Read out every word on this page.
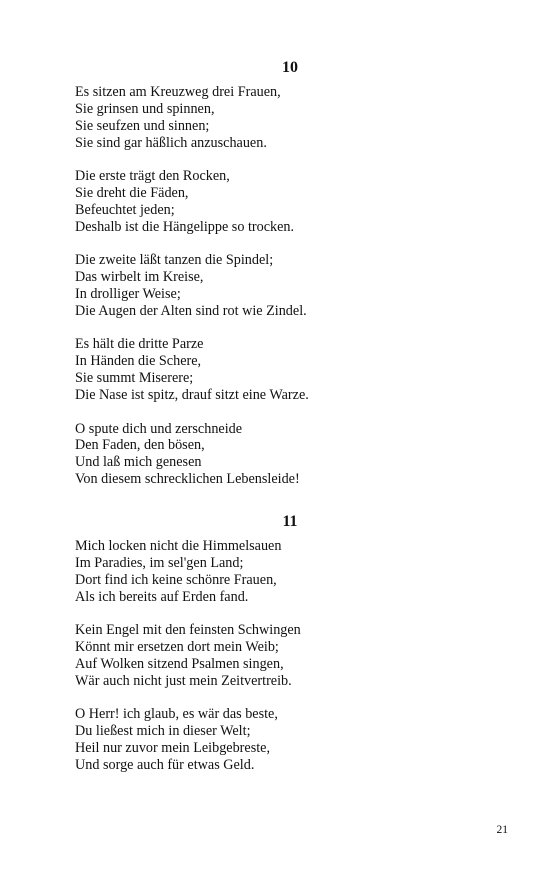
10
Es sitzen am Kreuzweg drei Frauen,
Sie grinsen und spinnen,
Sie seufzen und sinnen;
Sie sind gar häßlich anzuschauen.
Die erste trägt den Rocken,
Sie dreht die Fäden,
Befeuchtet jeden;
Deshalb ist die Hängelippe so trocken.
Die zweite läßt tanzen die Spindel;
Das wirbelt im Kreise,
In drolliger Weise;
Die Augen der Alten sind rot wie Zindel.
Es hält die dritte Parze
In Händen die Schere,
Sie summt Miserere;
Die Nase ist spitz, drauf sitzt eine Warze.
O spute dich und zerschneide
Den Faden, den bösen,
Und laß mich genesen
Von diesem schrecklichen Lebensleide!
11
Mich locken nicht die Himmelsauen
Im Paradies, im sel'gen Land;
Dort find ich keine schönre Frauen,
Als ich bereits auf Erden fand.
Kein Engel mit den feinsten Schwingen
Könnt mir ersetzen dort mein Weib;
Auf Wolken sitzend Psalmen singen,
Wär auch nicht just mein Zeitvertreib.
O Herr! ich glaub, es wär das beste,
Du ließest mich in dieser Welt;
Heil nur zuvor mein Leibgebreste,
Und sorge auch für etwas Geld.
21
